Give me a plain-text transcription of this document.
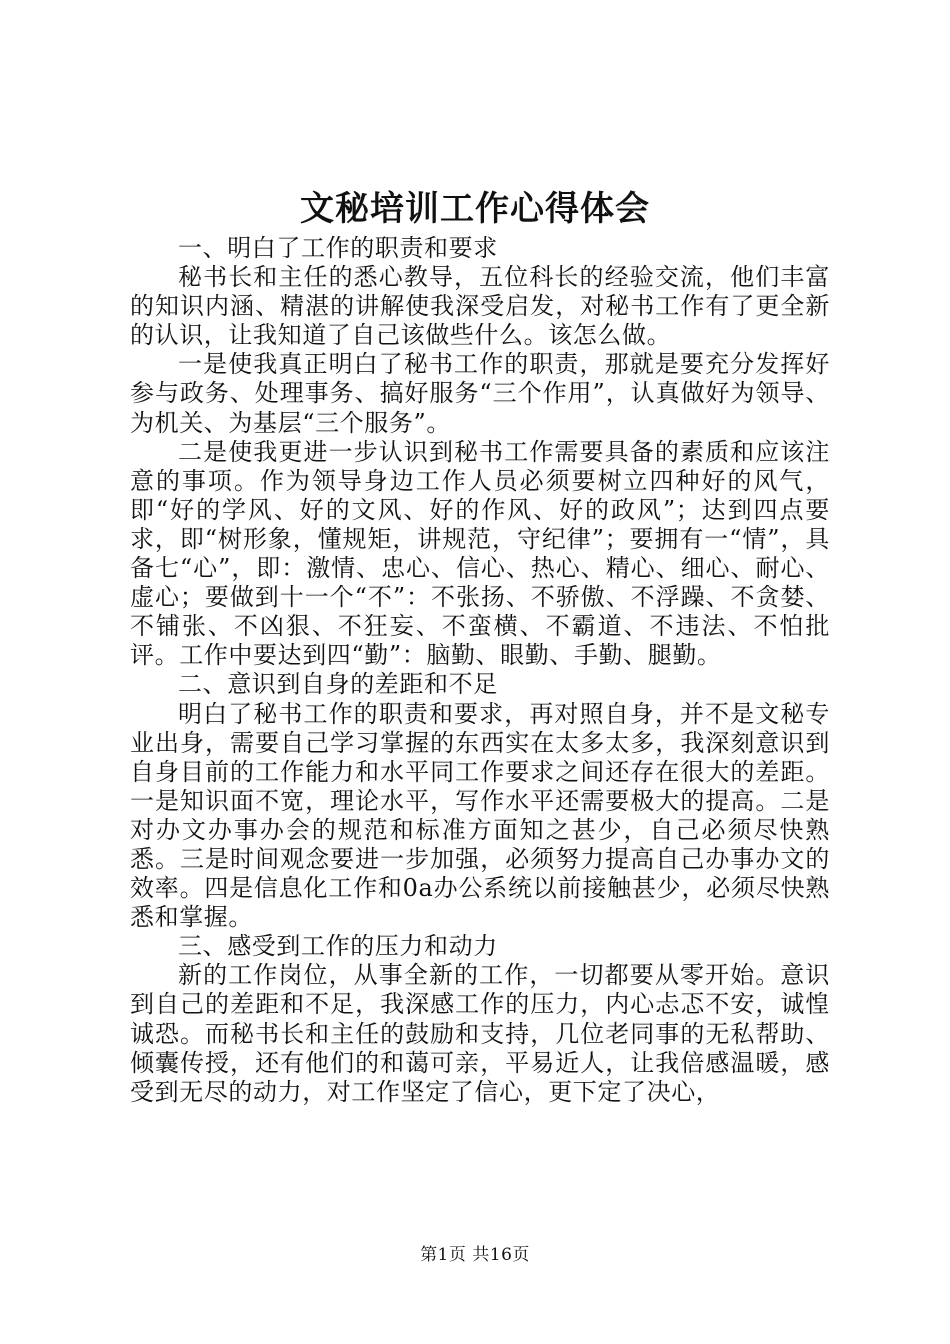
文秘培训工作心得体会

一、明白了工作的职责和要求

秘书长和主任的悉心教导，五位科长的经验交流，他们丰富的知识内涵、精湛的讲解使我深受启发，对秘书工作有了更全新的认识，让我知道了自己该做些什么。该怎么做。

一是使我真正明白了秘书工作的职责，那就是要充分发挥好参与政务、处理事务、搞好服务“三个作用”，认真做好为领导、为机关、为基层“三个服务”。

二是使我更进一步认识到秘书工作需要具备的素质和应该注意的事项。作为领导身边工作人员必须要树立四种好的风气，即“好的学风、好的文风、好的作风、好的政风”；达到四点要求，即“树形象，懂规矩，讲规范，守纪律”；要拥有一“情”，具备七“心”，即：激情、忠心、信心、热心、精心、细心、耐心、虚心；要做到十一个“不”：不张扬、不骄傲、不浮躁、不贪婪、不铺张、不凶狠、不狂妄、不蛮横、不霸道、不违法、不怕批评。工作中要达到四“勤”：脑勤、眼勤、手勤、腿勤。

二、意识到自身的差距和不足

明白了秘书工作的职责和要求，再对照自身，并不是文秘专业出身，需要自己学习掌握的东西实在太多太多，我深刻意识到自身目前的工作能力和水平同工作要求之间还存在很大的差距。一是知识面不宽，理论水平，写作水平还需要极大的提高。二是对办文办事办会的规范和标准方面知之甚少，自己必须尽快熟悉。三是时间观念要进一步加强，必须努力提高自己办事办文的效率。四是信息化工作和0a办公系统以前接触甚少，必须尽快熟悉和掌握。

三、感受到工作的压力和动力

新的工作岗位，从事全新的工作，一切都要从零开始。意识到自己的差距和不足，我深感工作的压力，内心忐忑不安，诚惶诚恐。而秘书长和主任的鼓励和支持，几位老同事的无私帮助、倾囊传授，还有他们的和蔼可亲，平易近人，让我倍感温暖，感受到无尽的动力，对工作坚定了信心，更下定了决心，

第1页 共16页
